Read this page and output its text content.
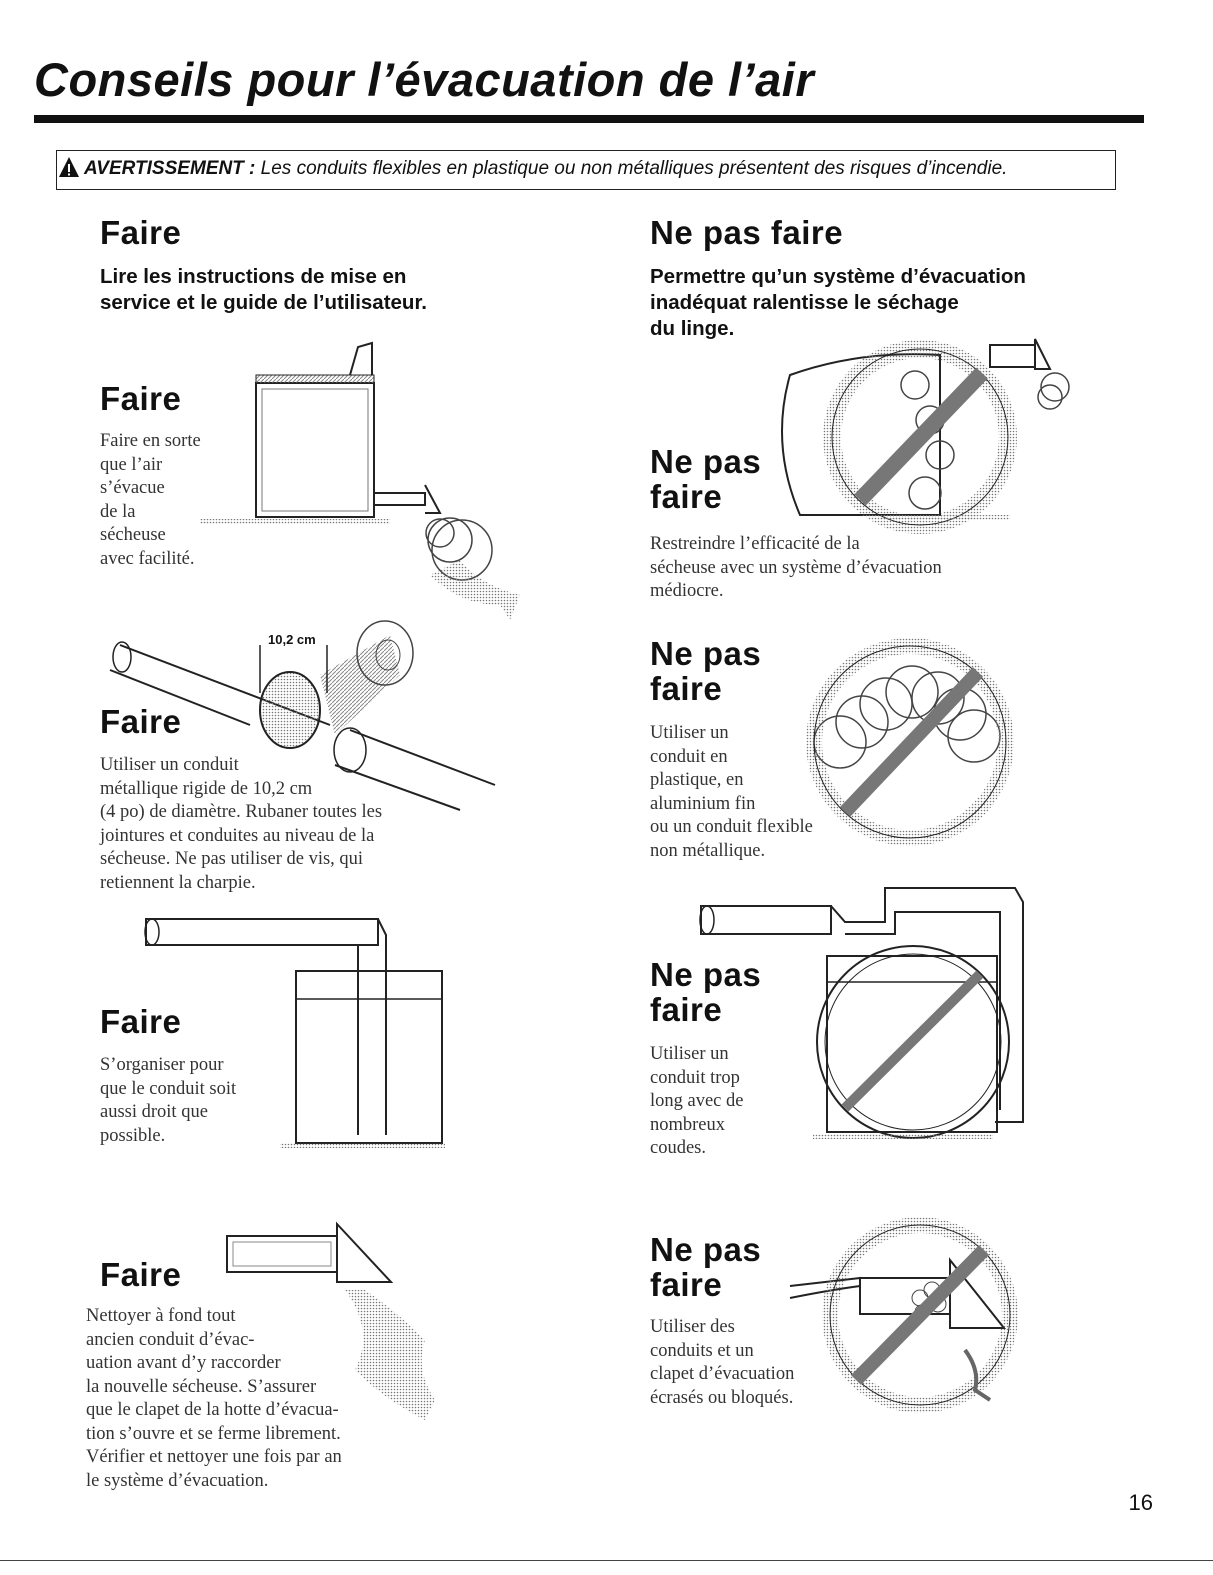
Conseils pour l’évacuation de l’air
AVERTISSEMENT : Les conduits flexibles en plastique ou non métalliques présentent des risques d’incendie.
Faire
Lire les instructions de mise en
service et le guide de l’utilisateur.
Faire
Faire en sorte
que l’air
s’évacue
de la
sécheuse
avec facilité.
10,2 cm
Faire
Utiliser un conduit
métallique rigide de 10,2 cm
(4 po) de diamètre. Rubaner toutes les
jointures et conduites au niveau de la
sécheuse. Ne pas utiliser de vis, qui
retiennent la charpie.
Faire
S’organiser pour
que le conduit soit
aussi droit que
possible.
Faire
Nettoyer à fond tout
ancien conduit d’évac-
uation avant d’y raccorder
la nouvelle sécheuse. S’assurer
que le clapet de la hotte d’évacua-
tion s’ouvre et se ferme librement.
Vérifier et nettoyer une fois par an
le système d’évacuation.
Ne pas faire
Permettre qu’un système d’évacuation
inadéquat ralentisse le séchage
du linge.
Ne pas
faire
Restreindre l’efficacité de la
sécheuse avec un système d’évacuation
médiocre.
Ne pas
faire
Utiliser un
conduit en
plastique, en
aluminium fin
ou un conduit flexible
non métallique.
Ne pas
faire
Utiliser un
conduit trop
long avec de
nombreux
coudes.
Ne pas
faire
Utiliser des
conduits et un
clapet d’évacuation
écrasés ou bloqués.
16
